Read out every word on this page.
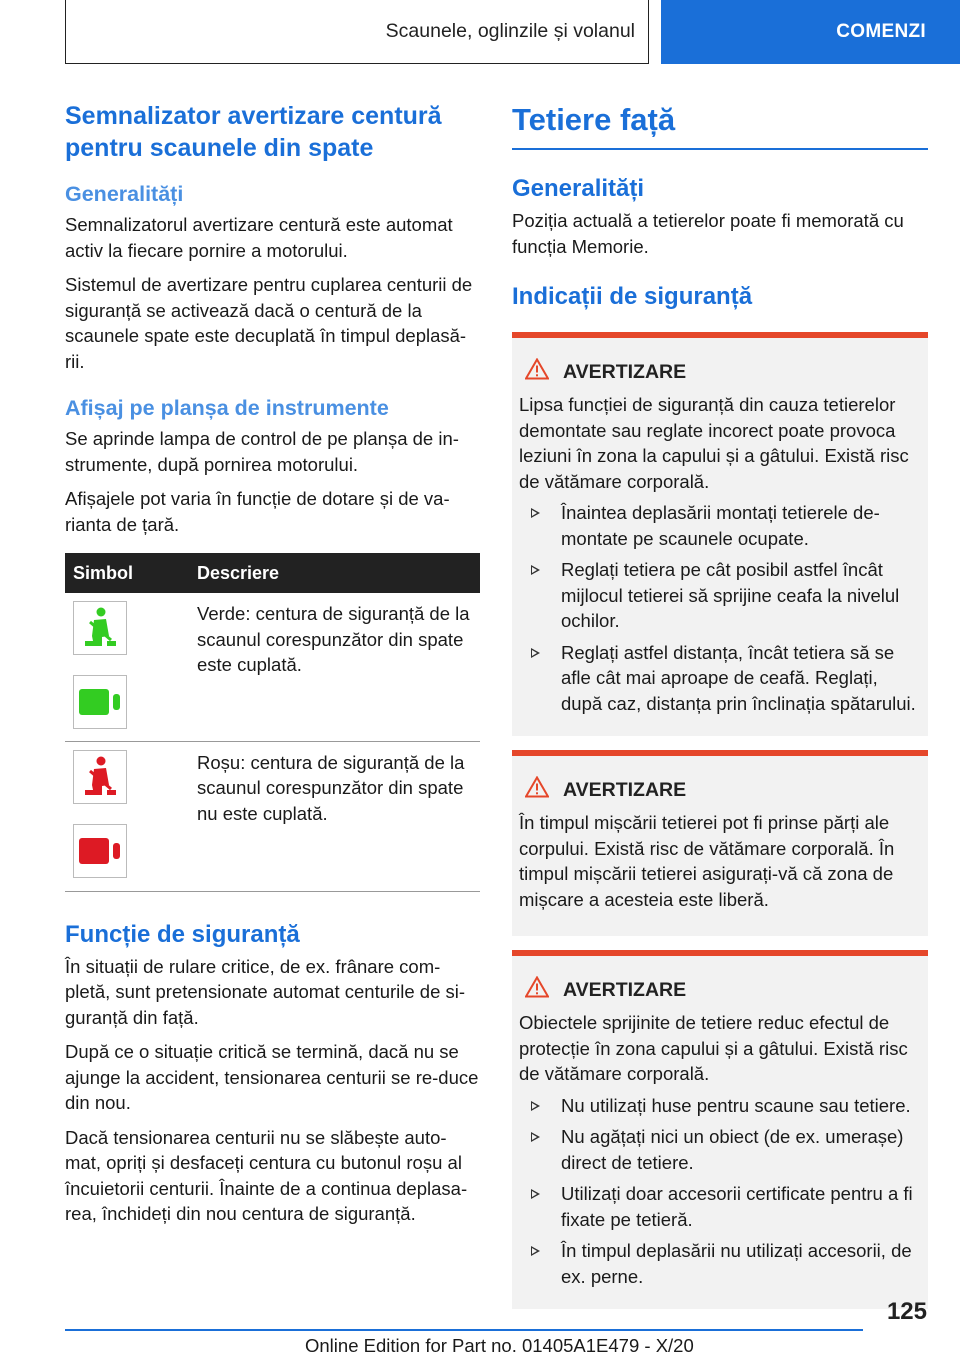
Scaunele, oglinzile și volanul	COMENZI
Semnalizator avertizare centură pentru scaunele din spate
Generalități

Semnalizatorul avertizare centură este automat activ la fiecare pornire a motorului.

Sistemul de avertizare pentru cuplarea centurii de siguranță se activează dacă o centură de la scaunele spate este decuplată în timpul deplasă‐rii.

Afișaj pe planșa de instrumente

Se aprinde lampa de control de pe planșa de in‐strumente, după pornirea motorului.

Afișajele pot varia în funcție de dotare și de va‐rianta de țară.

Simbol	Descriere

	Verde: centura de siguranță de la scaunul corespunzător din spate este cuplată.

	Roșu: centura de siguranță de la scaunul corespunzător din spate nu este cuplată.
Funcție de siguranță

În situații de rulare critice, de ex. frânare com‐pletă, sunt pretensionate automat centurile de si‐guranță din față.

După ce o situație critică se termină, dacă nu se ajunge la accident, tensionarea centurii se re‐duce din nou.

Dacă tensionarea centurii nu se slăbește auto‐mat, opriți și desfaceți centura cu butonul roșu al încuietorii centurii. Înainte de a continua deplasa‐rea, închideți din nou centura de siguranță.

Tetiere față
Generalități

Poziția actuală a tetierelor poate fi memorată cu funcția Memorie.

Indicații de siguranță
AVERTIZARE

Lipsa funcției de siguranță din cauza tetierelor demontate sau reglate incorect poate provoca leziuni în zona la capului și a gâtului. Există risc de vătămare corporală.

Înaintea deplasării montați tetierele de‐montate pe scaunele ocupate.
Reglați tetiera pe cât posibil astfel încât mijlocul tetierei să sprijine ceafa la nivelul ochilor.
Reglați astfel distanța, încât tetiera să se afle cât mai aproape de ceafă. Reglați, după caz, distanța prin înclinația spătarului.
AVERTIZARE

În timpul mișcării tetierei pot fi prinse părți ale corpului. Există risc de vătămare corporală. În timpul mișcării tetierei asigurați-vă că zona de mișcare a acesteia este liberă.

AVERTIZARE

Obiectele sprijinite de tetiere reduc efectul de protecție în zona capului și a gâtului. Există risc de vătămare corporală.

Nu utilizați huse pentru scaune sau tetiere.
Nu agățați nici un obiect (de ex. umerașe) direct de tetiere.
Utilizați doar accesorii certificate pentru a fi fixate pe tetieră.
În timpul deplasării nu utilizați accesorii, de ex. perne.
125
Online Edition for Part no. 01405A1E479 - X/20
